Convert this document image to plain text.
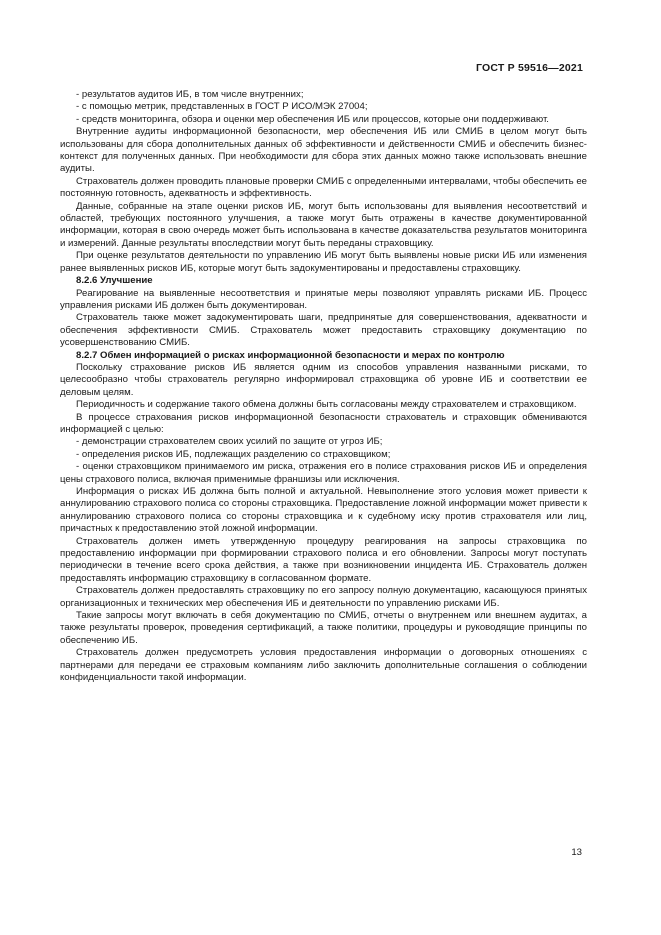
ГОСТ Р 59516—2021
- результатов аудитов ИБ, в том числе внутренних;
- с помощью метрик, представленных в ГОСТ Р ИСО/МЭК 27004;

- средств мониторинга, обзора и оценки мер обеспечения ИБ или процессов, которые они поддерживают.

Внутренние аудиты информационной безопасности, мер обеспечения ИБ или СМИБ в целом могут быть использованы для сбора дополнительных данных об эффективности и действенности СМИБ и обеспечить бизнес-контекст для полученных данных. При необходимости для сбора этих данных можно также использовать внешние аудиты.

Страхователь должен проводить плановые проверки СМИБ с определенными интервалами, чтобы обеспечить ее постоянную готовность, адекватность и эффективность.

Данные, собранные на этапе оценки рисков ИБ, могут быть использованы для выявления несоответствий и областей, требующих постоянного улучшения, а также могут быть отражены в качестве документированной информации, которая в свою очередь может быть использована в качестве доказательства результатов мониторинга и измерений. Данные результаты впоследствии могут быть переданы страховщику.

При оценке результатов деятельности по управлению ИБ могут быть выявлены новые риски ИБ или изменения ранее выявленных рисков ИБ, которые могут быть задокументированы и предоставлены страховщику.

8.2.6 Улучшение

Реагирование на выявленные несоответствия и принятые меры позволяют управлять рисками ИБ. Процесс управления рисками ИБ должен быть документирован.

Страхователь также может задокументировать шаги, предпринятые для совершенствования, адекватности и обеспечения эффективности СМИБ. Страхователь может предоставить страховщику документацию по усовершенствованию СМИБ.

8.2.7 Обмен информацией о рисках информационной безопасности и мерах по контролю

Поскольку страхование рисков ИБ является одним из способов управления названными рисками, то целесообразно чтобы страхователь регулярно информировал страховщика об уровне ИБ и соответствии ее деловым целям.

Периодичность и содержание такого обмена должны быть согласованы между страхователем и страховщиком.

В процессе страхования рисков информационной безопасности страхователь и страховщик обмениваются информацией с целью:

- демонстрации страхователем своих усилий по защите от угроз ИБ;
- определения рисков ИБ, подлежащих разделению со страховщиком;

- оценки страховщиком принимаемого им риска, отражения его в полисе страхования рисков ИБ и определения цены страхового полиса, включая применимые франшизы или исключения.

Информация о рисках ИБ должна быть полной и актуальной. Невыполнение этого условия может привести к аннулированию страхового полиса со стороны страховщика. Предоставление ложной информации может привести к аннулированию страхового полиса со стороны страховщика и к судебному иску против страхователя или лиц, причастных к предоставлению этой ложной информации.

Страхователь должен иметь утвержденную процедуру реагирования на запросы страховщика по предоставлению информации при формировании страхового полиса и его обновлении. Запросы могут поступать периодически в течение всего срока действия, а также при возникновении инцидента ИБ. Страхователь должен предоставлять информацию страховщику в согласованном формате.

Страхователь должен предоставлять страховщику по его запросу полную документацию, касающуюся принятых организационных и технических мер обеспечения ИБ и деятельности по управлению рисками ИБ.

Такие запросы могут включать в себя документацию по СМИБ, отчеты о внутреннем или внешнем аудитах, а также результаты проверок, проведения сертификаций, а также политики, процедуры и руководящие принципы по обеспечению ИБ.

Страхователь должен предусмотреть условия предоставления информации о договорных отношениях с партнерами для передачи ее страховым компаниям либо заключить дополнительные соглашения о соблюдении конфиденциальности такой информации.

13
